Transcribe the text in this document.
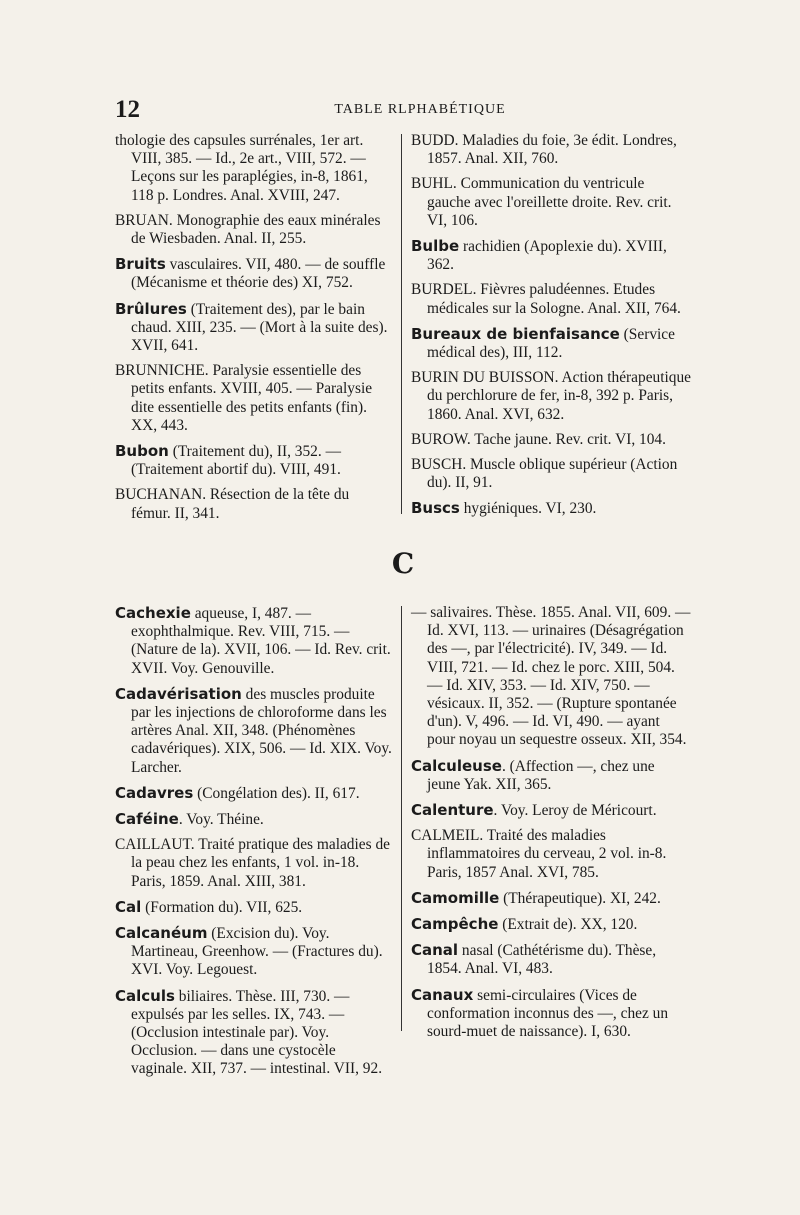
12	TABLE RLPHABÉTIQUE

thologie des capsules surrénales, 1er art. VIII, 385. — Id., 2e art., VIII, 572. — Leçons sur les paraplégies, in-8, 1861, 118 p. Londres. Anal. XVIII, 247.

BRUAN. Monographie des eaux minérales de Wiesbaden. Anal. II, 255.

Bruits vasculaires. VII, 480. — de souffle (Mécanisme et théorie des) XI, 752.

Brûlures (Traitement des), par le bain chaud. XIII, 235. — (Mort à la suite des). XVII, 641.

BRUNNICHE. Paralysie essentielle des petits enfants. XVIII, 405. — Paralysie dite essentielle des petits enfants (fin). XX, 443.

Bubon (Traitement du), II, 352. — (Traitement abortif du). VIII, 491.

BUCHANAN. Résection de la tête du fémur. II, 341.

BUDD. Maladies du foie, 3e édit. Londres, 1857. Anal. XII, 760.

BUHL. Communication du ventricule gauche avec l'oreillette droite. Rev. crit. VI, 106.

Bulbe rachidien (Apoplexie du). XVIII, 362.

BURDEL. Fièvres paludéennes. Etudes médicales sur la Sologne. Anal. XII, 764.

Bureaux de bienfaisance (Service médical des), III, 112.

BURIN DU BUISSON. Action thérapeutique du perchlorure de fer, in-8, 392 p. Paris, 1860. Anal. XVI, 632.

BUROW. Tache jaune. Rev. crit. VI, 104.

BUSCH. Muscle oblique supérieur (Action du). II, 91.

Buscs hygiéniques. VI, 230.

C

Cachexie aqueuse, I, 487. — exophthalmique. Rev. VIII, 715. — (Nature de la). XVII, 106. — Id. Rev. crit. XVII. Voy. Genouville.

Cadavérisation des muscles produite par les injections de chloroforme dans les artères Anal. XII, 348. (Phénomènes cadavériques). XIX, 506. — Id. XIX. Voy. Larcher.

Cadavres (Congélation des). II, 617.

Caféine. Voy. Théine.

CAILLAUT. Traité pratique des maladies de la peau chez les enfants, 1 vol. in-18. Paris, 1859. Anal. XIII, 381.

Cal (Formation du). VII, 625.

Calcanéum (Excision du). Voy. Martineau, Greenhow. — (Fractures du). XVI. Voy. Legouest.

Calculs biliaires. Thèse. III, 730. — expulsés par les selles. IX, 743. — (Occlusion intestinale par). Voy. Occlusion. — dans une cystocèle vaginale. XII, 737. — intestinal. VII, 92.

— salivaires. Thèse. 1855. Anal. VII, 609. — Id. XVI, 113. — urinaires (Désagrégation des —, par l'électricité). IV, 349. — Id. VIII, 721. — Id. chez le porc. XIII, 504. — Id. XIV, 353. — Id. XIV, 750. — vésicaux. II, 352. — (Rupture spontanée d'un). V, 496. — Id. VI, 490. — ayant pour noyau un sequestre osseux. XII, 354.

Calculeuse. (Affection —, chez une jeune Yak. XII, 365.

Calenture. Voy. Leroy de Méricourt.

CALMEIL. Traité des maladies inflammatoires du cerveau, 2 vol. in-8. Paris, 1857 Anal. XVI, 785.

Camomille (Thérapeutique). XI, 242.

Campêche (Extrait de). XX, 120.

Canal nasal (Cathétérisme du). Thèse, 1854. Anal. VI, 483.

Canaux semi-circulaires (Vices de conformation inconnus des —, chez un sourd-muet de naissance). I, 630.
